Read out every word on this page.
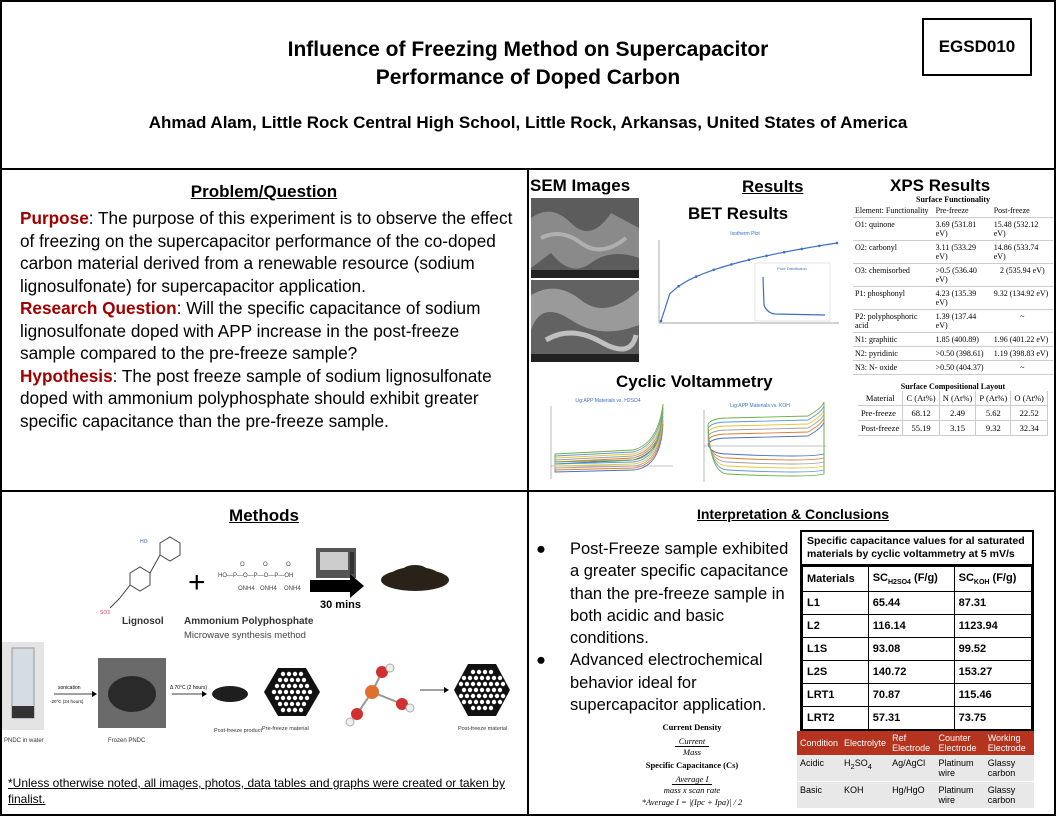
Influence of Freezing Method on Supercapacitor
Performance of Doped Carbon
Ahmad Alam, Little Rock Central High School, Little Rock, Arkansas, United States of America
EGSD010
Problem/Question
Purpose: The purpose of this experiment is to observe the effect of freezing on the supercapacitor performance of the co-doped carbon material derived from a renewable resource (sodium lignosulfonate) for supercapacitor application.
Research Question: Will the specific capacitance of sodium lignosulfonate doped with APP increase in the post-freeze sample compared to the pre-freeze sample?
Hypothesis: The post freeze sample of sodium lignosulfonate doped with ammonium polyphosphate should exhibit greater specific capacitance than the pre-freeze sample.
SEM Images	Results
BET Results
XPS Results
Cyclic Voltammetry
Isotherm Plot
Pore Distribution
Surface Functionality
Element: Functionality	Pre-freeze	Post-freeze
O1: quinone	3.69 (531.81 eV)	15.48 (532.12 eV)
O2: carbonyl	3.11 (533.29 eV)	14.86 (533.74 eV)
O3: chemisorbed	>0.5 (536.40 eV)	2 (535.94 eV)
P1: phosphonyl	4.23 (135.39 eV)	9.32 (134.92 eV)
P2: polyphosphoric acid	1.39 (137.44 eV)	~
N1: graphitic	1.85 (400.89)	1.96 (401.22 eV)
N2: pyridinic	>0.50 (398.61)	1.19 (398.83 eV)
N3: N- oxide	>0.50 (404.37)	~
Surface Compositional Layout
Material	C (At%)	N (At%)	P (At%)	O (At%)
Pre-freeze	68.12	2.49	5.62	22.52
Post-freeze	55.19	3.15	9.32	32.34
Lig:APP Materials vs. H2SO4
Lig:APP Materials vs. KOH
Methods
HO
SO3
Lignosol
+ HO—P—O—P—O—P—OH
O	O	O
ONH4 ONH4 ONH4
Ammonium Polyphosphate
Microwave synthesis method
30 mins
PNDC in water
sonication
-20°C (24 hours)
Frozen PNDC
Δ 70°C (2 hours)
Post-freeze product Pre-freeze material	Post-freeze material
*Unless otherwise noted, all images, photos, data tables and graphs were created or taken by finalist.
Interpretation & Conclusions
●	Post-Freeze sample exhibited a greater specific capacitance than the pre-freeze sample in both acidic and basic conditions.
●	Advanced electrochemical behavior ideal for supercapacitor application.
Specific capacitance values for al saturated materials by cyclic voltammetry at 5 mV/s
Materials	$SC_{H2SO4}$ (F/g)	$SC_{KOH}$ (F/g)
L1	65.44	87.31
L2	116.14	1123.94
L1S	93.08	99.52
L2S	140.72	153.27
LRT1	70.87	115.46
LRT2	57.31	73.75
Condition	Electrolyte	Ref Electrode	Counter Electrode	Working Electrode
Acidic	$H_2SO_4$	Ag/AgCl	Platinum wire	Glassy carbon
Basic	KOH	Hg/HgO	Platinum wire	Glassy carbon
Current Density
Current
Mass
Specific Capacitance (Cs)
Average I
mass x scan rate
*Average I = |(Ipc + Ipa)| / 2
